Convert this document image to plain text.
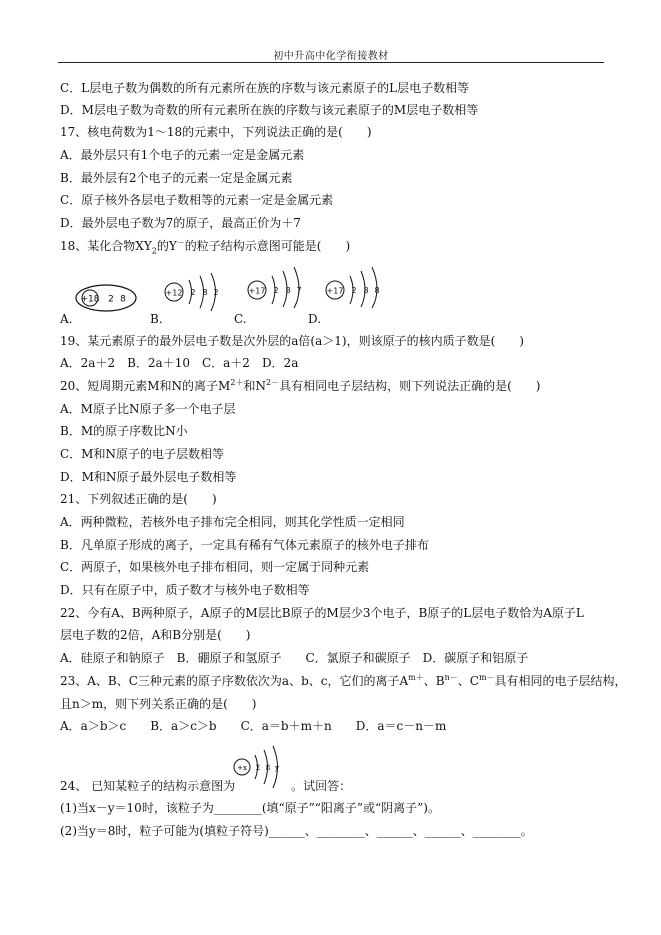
初中升高中化学衔接教材
C．L层电子数为偶数的所有元素所在族的序数与该元素原子的L层电子数相等
D．M层电子数为奇数的所有元素所在族的序数与该元素原子的M层电子数相等
17、核电荷数为1～18的元素中，下列说法正确的是(　　)
A．最外层只有1个电子的元素一定是金属元素
B．最外层有2个电子的元素一定是金属元素
C．原子核外各层电子数相等的元素一定是金属元素
D．最外层电子数为7的原子，最高正价为＋7
18、某化合物$XY_2$的Y－的粒子结构示意图可能是(　　)
+18 2 8
+12 2 8 2	+17 2 8 7	+17 2 8 8
A.	B.	C.	D.
19、某元素原子的最外层电子数是次外层的a倍(a＞1)，则该原子的核内质子数是(　　)
A．2a＋2　B．2a＋10　C．a＋2　D．2a
20、短周期元素M和N的离子$M^{2+}$和$N^{2-}$具有相同电子层结构，则下列说法正确的是(　　)
A．M原子比N原子多一个电子层
B．M的原子序数比N小
C．M和N原子的电子层数相等
D．M和N原子最外层电子数相等
21、下列叙述正确的是(　　)
A．两种微粒，若核外电子排布完全相同，则其化学性质一定相同
B．凡单原子形成的离子，一定具有稀有气体元素原子的核外电子排布
C．两原子，如果核外电子排布相同，则一定属于同种元素
D．只有在原子中，质子数才与核外电子数相等
22、今有A、B两种原子，A原子的M层比B原子的M层少3个电子，B原子的L层电子数恰为A原子L
层电子数的2倍，A和B分别是(　　)
A．硅原子和钠原子　B．硼原子和氢原子　　C．氯原子和碳原子　D．碳原子和铝原子
23、A、B、C三种元素的原子序数依次为a、b、c，它们的离子$A^{m+}$、$B^{n-}$、$C^{m-}$具有相同的电子层结构，
且n＞m，则下列关系正确的是(　　)
A．a＞b＞c　　B．a＞c＞b　　C．a＝b＋m＋n　　D．a＝c－n－m
24、 已知某粒子的结构示意图为	。试回答：
+x 2 8 y
(1)当x－y＝10时，该粒子为________(填“原子”“阳离子”或“阴离子”)。
(2)当y＝8时，粒子可能为(填粒子符号)______、________、______、______、________。
